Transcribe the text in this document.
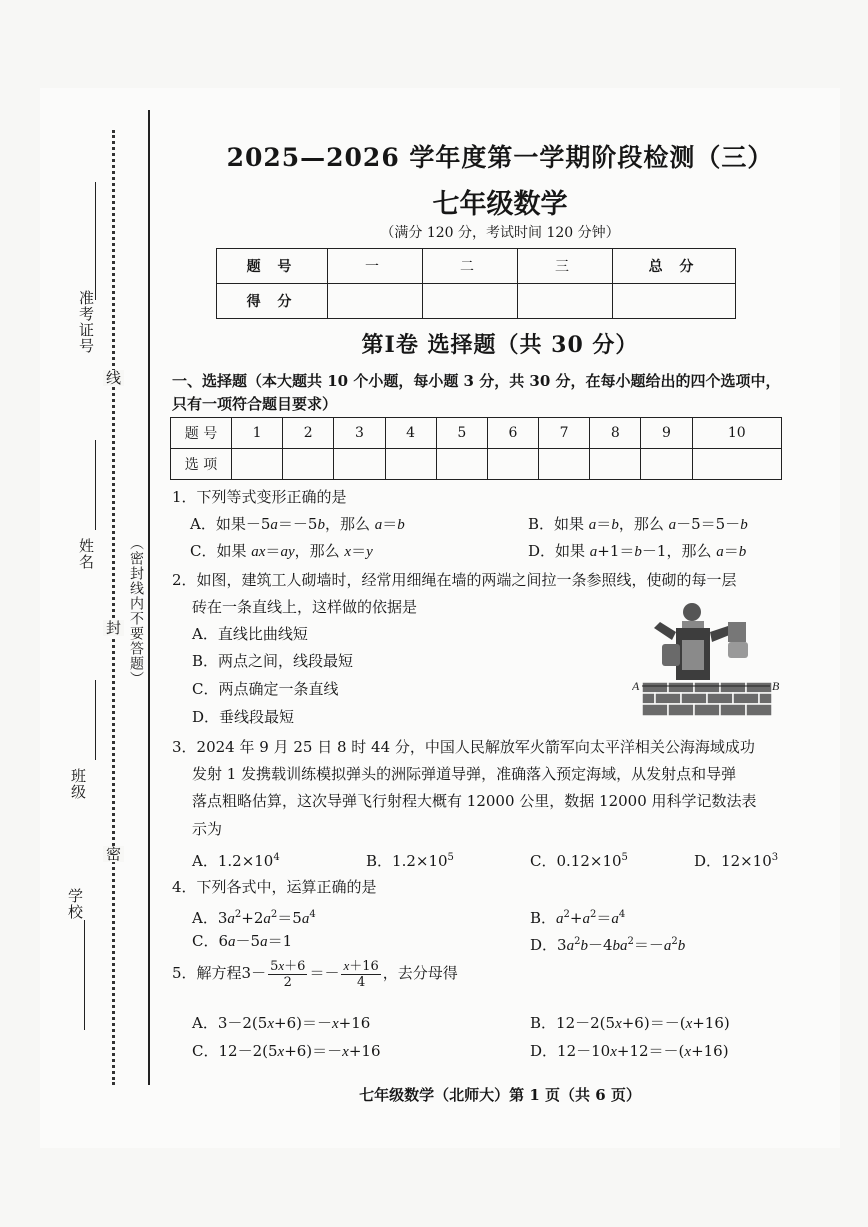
准考证号
姓名
班级
学校
线
封
密
（密封线内不要答题）
2025—2026 学年度第一学期阶段检测（三）
七年级数学
（满分 120 分，考试时间 120 分钟）
题 号	一	二	三	总 分
得 分				
第Ⅰ卷 选择题（共 30 分）
一、选择题（本大题共 10 个小题，每小题 3 分，共 30 分，在每小题给出的四个选项中，只有一项符合题目要求）
题 号	1	2	3	4	5	6	7	8	9	10
选 项										
1．下列等式变形正确的是
A．如果－5a＝－5b，那么 a＝b	B．如果 a＝b，那么 a－5＝5－b
C．如果 ax＝ay，那么 x＝y	D．如果 a+1＝b－1，那么 a＝b
2．如图，建筑工人砌墙时，经常用细绳在墙的两端之间拉一条参照线，使砌的每一层
砖在一条直线上，这样做的依据是
A．直线比曲线短
B．两点之间，线段最短
C．两点确定一条直线
D．垂线段最短
A	B
3．2024 年 9 月 25 日 8 时 44 分，中国人民解放军火箭军向太平洋相关公海海域成功
发射 1 发携载训练模拟弹头的洲际弹道导弹，准确落入预定海域，从发射点和导弹
落点粗略估算，这次导弹飞行射程大概有 12000 公里，数据 12000 用科学记数法表
示为
A．$1.2\times 10^4$	B．$1.2\times 10^5$	C．$0.12\times 10^5$	D．$12\times 10^3$
4．下列各式中，运算正确的是
A．$3a^2+2a^2=5a^4$	B．$a^2+a^2=a^4$
C．6a－5a＝1	D．$3a^2b-4ba^2=-a^2b$
5．解方程$3- \frac{5x+6}{2} =- \frac{x+16}{4}$ ，去分母得
A．3－2(5x+6)＝－x+16	B．12－2(5x+6)＝－(x+16)
C．12－2(5x+6)＝－x+16	D．12－10x+12＝－(x+16)
七年级数学（北师大）第 1 页（共 6 页）
